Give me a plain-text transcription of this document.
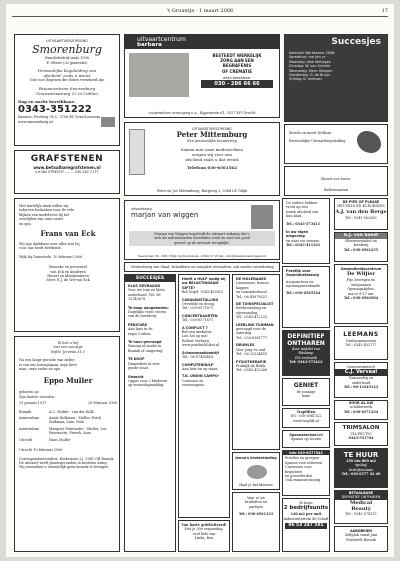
't Gruuntje · 1 maart 2006	17
UITVAARTVERZORGING
Smorenburg
Familiebedrijf sinds 1908
F. Olivier (3e generatie)
Persoonlijke begeleiding van
afscheid, zoals u wenst
Ook voor degenen die elders verzekerd zijn
Bruuncentrum Smorenburg
Gouwestraatweg 12 in Cothen
Dag en nacht bereikbaar:
0343-351222
Kantoor: Postweg 35 C, 3706 BV Zeist/Leersum
www.smorenburg.nl
uitvaartcentrum
barbara
BESTEEDT WERKELIJK
ZORG AAN EEN
BEGRAFENIS
OF CREMATIE
altijd bereikbaar
030 - 286 66 66
coöperatieve vereniging u.a., Eggenstein 61, 3527 XP Utrecht
UITVAARTVERZORGING
Peter Mittemburg
Een persoonlijke benadering
Samen met onze medewerkers
zorgen wij voor een
afscheid zoals u dat wenst
Telefoon 030-6561562
Peter en Jos Mittemburg, Burgweg 2, 3984 LE Odijk
Succesjes
Kalender Werkkamer 2006:
Spreekuur: ma t/m vr
Maandag: Joke Verhagen
Dinsdag: W. van Schalm
Woensdag: Mevr. Klepper
Donderdag: G. de Bruijn
Vrijdag: B. Vermeer
Moede en moed Welkom
Persoonlijke Uitvaartbegeleiding
Steeds een kaars.
GRAFSTENEN
www.betaalbaregrafstenen.nl
v.d Bol UTRECHT ........ 030-262 7177
Met hartelijk dank willen wij
iedereen bedanken voor de vele
blijken van medeleven bij het
overlijden van onze vader
en opa.
Frans van Eck
Wij zijn dankbaar voor alles wat hij
voor ons heeft betekend.
Wijk bij Duurstede, 10 februari 2006
Fenneke en personeel
van Eck en kinderen
Hassel en kleinkinderen
Mevr. E.J. de Wit-van Eck
Ik heb u lief
met een eeuwige
liefde. Jeremia 31:3
Na een lange periode van ziekte
is van ons heengegaan, mijn lieve
man, onze vader en opa
Eppo Muller
geboren op
Zijn laatste woorden
31 januari 1917	28 februari 2006
Bunnik	A.C. Muller - van der Kolk
Amsterdam	Annie Kolkman - Muller; Erich Kolkman; Sam, Nola
Amsterdam	Margriet Paternotte - Muller; Luc Paternotte; Freerk, Sam
Utrecht	Hans Muller
Utrecht 10 februari 2006
Correspondentieadres: Kerkstraat 23, 3981 GB Bunnik
De uitvaart heeft plaatsgevonden in besloten kring.
Wij verzoeken u vriendelijk geen bezoek te brengen.
uitvaartzorg
marjan van wiggen
Marjan van Wiggen begeleidt de uitvaart zodanig dat u
zich als nabestaanden betrokken voelt en met een goed
gevoel op de uitvaart terugkijkt.
Veerstraat 36 - 3961 Wijk bij Duurstede - 0343-57 23 44 - info@marjanvanwiggen.nl
Uitvaartzorg van Staal: betaalbare en complete uitvaarten, ook zonder verzekering
SUCCESJES
KLUS GEVRAAGD
Voor uw tuin en klein
onderhoud. Tel: 06-12345678
Te koop aangeboden:
Dagelijks verse eieren
van de boerderij.
PEDICURE
Aan huis in de
regio Cothen.
Te huur gevraagd
Woning of studio in
Bunnik of omgeving.
TE KOOP
Damesfiets in zeer
goede staat.
Gezocht
Oppas voor 2 kinderen
op woensdagmiddag.
Heeft u HULP nodig bij uw BELASTINGAAN-GIFTE?
Bel Zegel: 0343-455912
CARAVANSTALLING
Overdekt en droog.
Tel.: 030-6571871
CONCERTKAARTEN
Tel.: 030-6571871
A CONFLICT ?
Bel een mediator
Lou hel op me!
Robert Verburg
www.juridischloket.nl
Schoonmaakbedrijf
Tel.: 06-57480416
COMPUTERHULP
Aan huis en op maat.
T.K. UNION CAMPO-
Caravans en vouwwagens.
DE MOLENAARS
Lentesnoei, bomen kappen
en tuinonderhoud.
Tel.: 06-45678321
DE TUINSPECIALIST
Sierbestrating en
vijveraanleg.
Tel.: 0343-412233
LEERLING TUINMAN
gevraagd voor de
zaterdag.
Tel.: 030-6561777
DRUMLES
Voor jong en oud.
Tel.: 06-22334455
FYSIOTHERAPIE
Praktijk de Brink
Tel.: 0343-452266
Jenna's kinderkleding
Haal je het kleinste
Voor al uw
bruiloften en
partijen
Tel.: 030-6561133
Van harte gefeliciteerd!
Met je 30e verjaardag,
veel liefs van
Linda, Ron
De ouders hebben recht op een
warm afscheid van hun kind.
Tel.: 0343-573411
In uw eigen omgeving
en naar uw wensen
Tel.: 0343-411221
Praktijk voor Gezondheidszorg
Acupunctuur en
natuurgeneeskunde
Tel.: 030-6565544
DEFINITIEF
ONTHAREN
door middel van
flitslamp
IPL-techniek
Tel: 0343-573412
GENIET
de zonnige
lente
Trapliften
Tel.: 030-6561122
www.traplift.nl
Spaanseschool.nl
Spaans op locatie
info 030-6377543
Privéles en groepen
Spaans voor iedereen
Cursussen voor beginners
en gevorderden
Ook examentraining.
Te koop:
2 bedrijfsunits
140 m2 per unit
Industrieterrein de Schaft
06 53 247 581
DE PIPE OF PLEASE
HEUVELS EN KLEURINGS
A.J. van den Berge
Tel.: 0343-562300
G.J. van Soest
Bloemenwinkel en
kwekerij
Tel.: 030-6561255
Gezondheidscentrum
De Wiljier
Fijn bewegen en
ontspannen
Openingstijden:
ma-vr 9-17 uur
Tel.: 030-6562984
LEEMANS
Grafmonumenten
Tel.: 0343-452777
Hoveniersbedrijf
C.J. Vervaal
Tuinaanleg en
onderhoud
Tel.: 06-12345123
VOOR AL UW
schilderwerk
Tel.: 030-6371234
TRIMSALON
VIA PECTIO
0343-551704
TE HUUR
150 t/m 800 m2
opslag/
bedrijfsruimte
Tel.: 030 6577 42 49
BETAALBARE
DEFINITIEF ONTHAREN
Medical
Beauty
Tel.: 0343-574115
AARDBEIEN
Zelfpluk vanaf juni
Fruitteelt Bunnik
Ballonvaarten
